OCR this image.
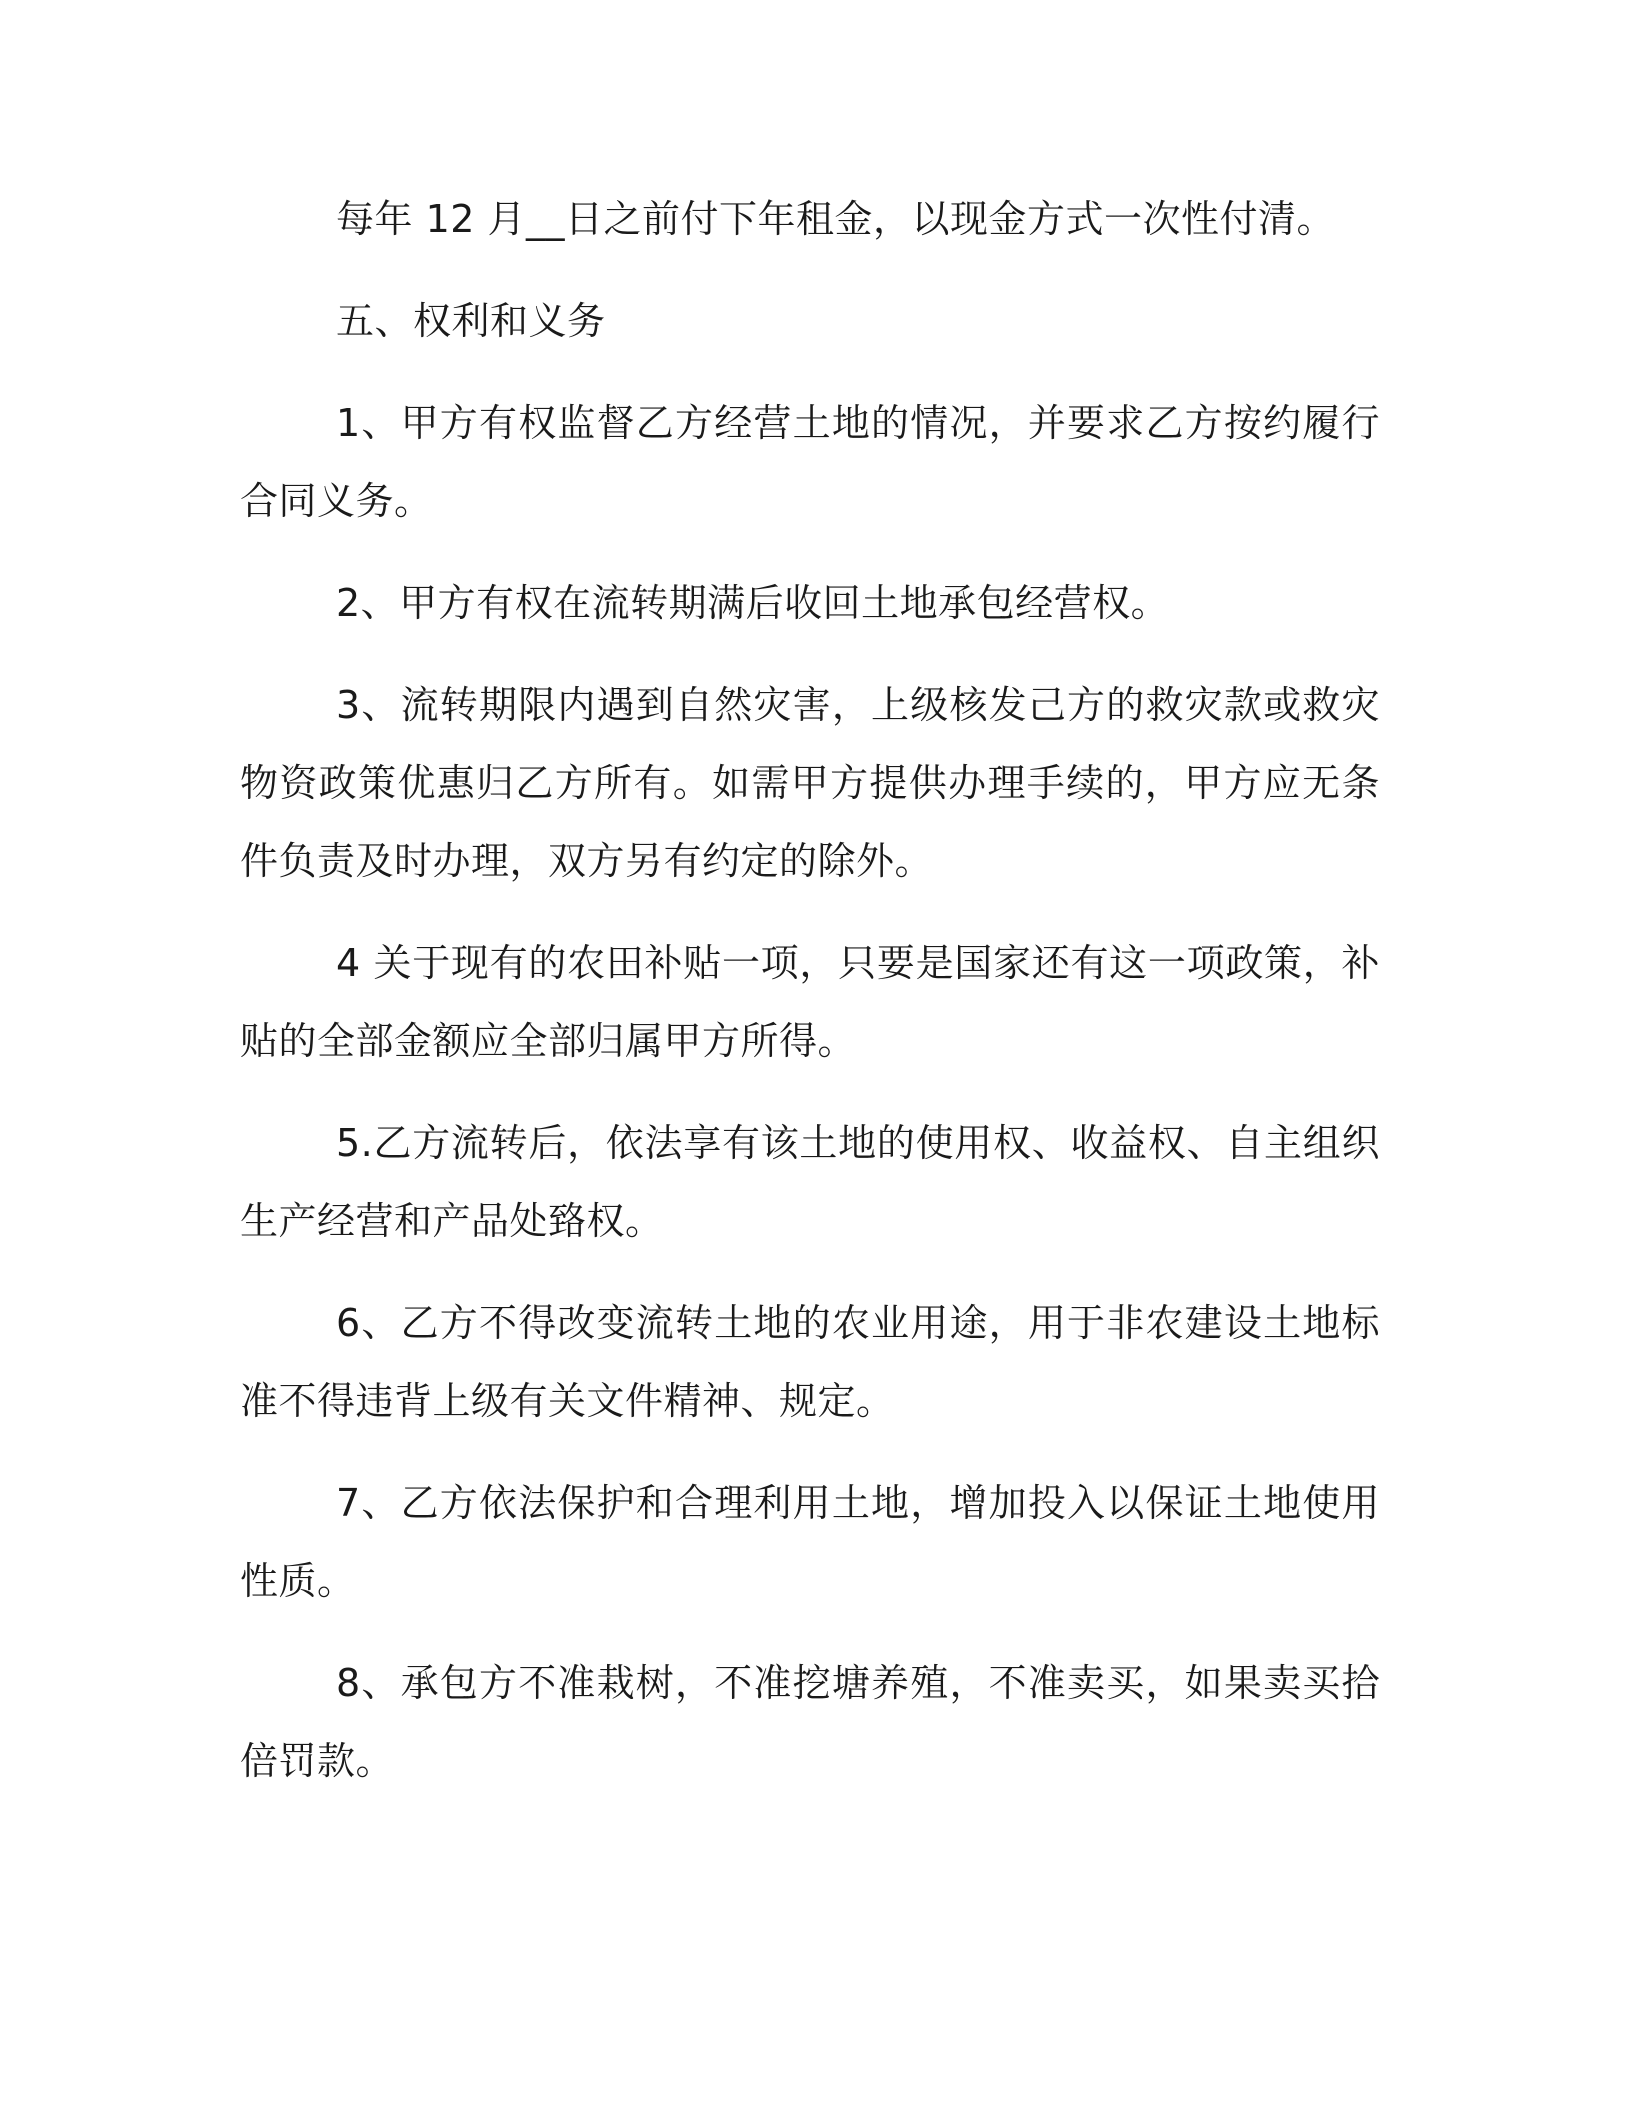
每年 12 月__日之前付下年租金，以现金方式一次性付清。

五、权利和义务

1、甲方有权监督乙方经营土地的情况，并要求乙方按约履行合同义务。

2、甲方有权在流转期满后收回土地承包经营权。

3、流转期限内遇到自然灾害，上级核发己方的救灾款或救灾物资政策优惠归乙方所有。如需甲方提供办理手续的，甲方应无条件负责及时办理，双方另有约定的除外。

4 关于现有的农田补贴一项，只要是国家还有这一项政策，补贴的全部金额应全部归属甲方所得。

5.乙方流转后，依法享有该土地的使用权、收益权、自主组织生产经营和产品处臵权。

6、乙方不得改变流转土地的农业用途，用于非农建设土地标准不得违背上级有关文件精神、规定。

7、乙方依法保护和合理利用土地，增加投入以保证土地使用性质。

8、承包方不准栽树，不准挖塘养殖，不准卖买，如果卖买拾倍罚款。
